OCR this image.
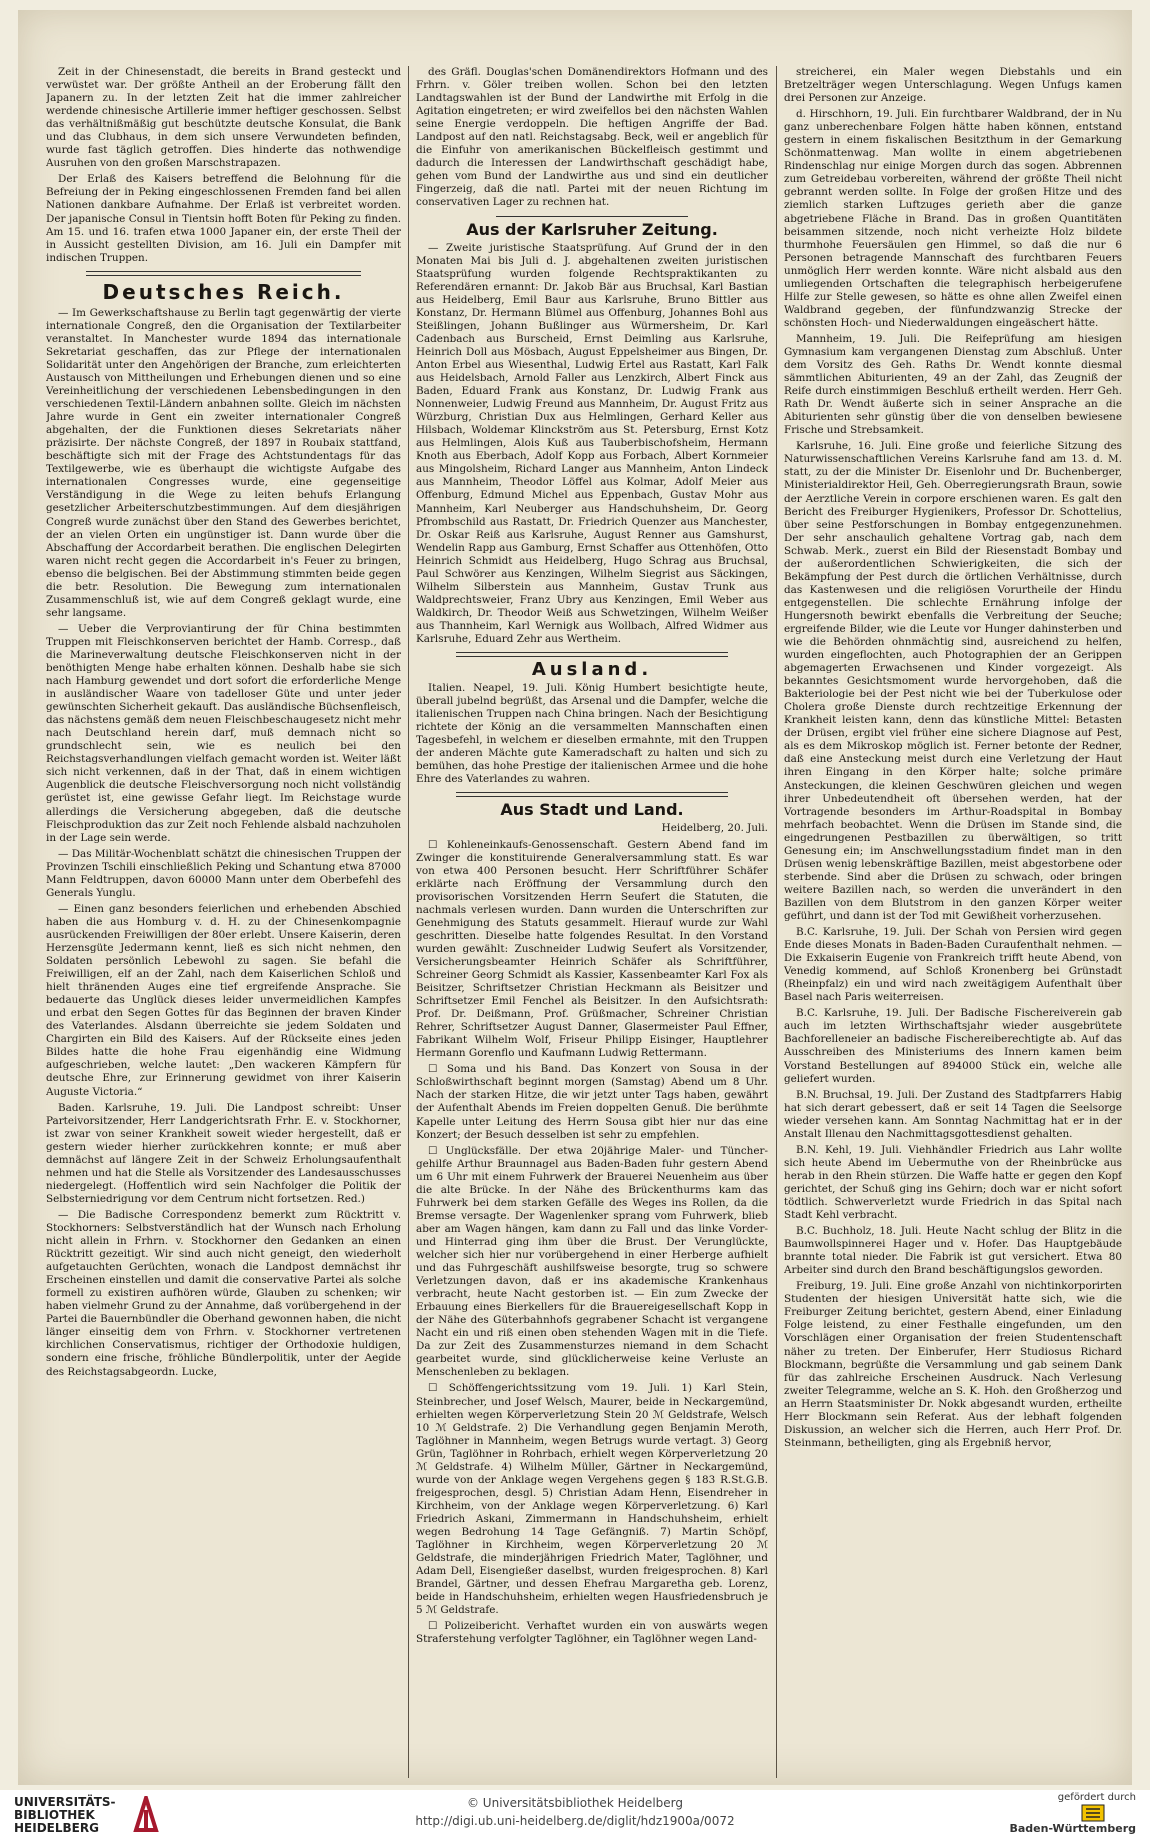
Zeit in der Chinesenstadt, die bereits in Brand gesteckt und verwüstet war. Der größte Antheil an der Eroberung fällt den Japanern zu. In der letzten Zeit hat die immer zahlreicher werdende chinesische Artillerie immer heftiger geschossen. Selbst das verhältnißmäßig gut beschützte deutsche Konsulat, die Bank und das Clubhaus, in dem sich unsere Verwundeten befinden, wurde fast täglich getroffen. Dies hinderte das nothwendige Ausruhen von den großen Marschstrapazen.

Der Erlaß des Kaisers betreffend die Belohnung für die Befreiung der in Peking eingeschlossenen Fremden fand bei allen Nationen dankbare Aufnahme. Der Erlaß ist verbreitet worden. Der japanische Consul in Tientsin hofft Boten für Peking zu finden. Am 15. und 16. trafen etwa 1000 Japaner ein, der erste Theil der in Aussicht gestellten Division, am 16. Juli ein Dampfer mit indischen Truppen.

Deutsches Reich.

— Im Gewerkschaftshause zu Berlin tagt gegenwärtig der vierte internationale Congreß, den die Organisation der Textilarbeiter veranstaltet. In Manchester wurde 1894 das internationale Sekretariat geschaffen, das zur Pflege der internationalen Solidarität unter den Angehörigen der Branche, zum erleichterten Austausch von Mittheilungen und Erhebungen dienen und so eine Vereinheitlichung der verschiedenen Lebensbedingungen in den verschiedenen Textil-Ländern anbahnen sollte. Gleich im nächsten Jahre wurde in Gent ein zweiter internationaler Congreß abgehalten, der die Funktionen dieses Sekretariats näher präzisirte. Der nächste Congreß, der 1897 in Roubaix stattfand, beschäftigte sich mit der Frage des Achtstundentags für das Textilgewerbe, wie es überhaupt die wichtigste Aufgabe des internationalen Congresses wurde, eine gegenseitige Verständigung in die Wege zu leiten behufs Erlangung gesetzlicher Arbeiterschutzbestimmungen. Auf dem diesjährigen Congreß wurde zunächst über den Stand des Gewerbes berichtet, der an vielen Orten ein ungünstiger ist. Dann wurde über die Abschaffung der Accordarbeit berathen. Die englischen Delegirten waren nicht recht gegen die Accordarbeit in's Feuer zu bringen, ebenso die belgischen. Bei der Abstimmung stimmten beide gegen die betr. Resolution. Die Bewegung zum internationalen Zusammenschluß ist, wie auf dem Congreß geklagt wurde, eine sehr langsame.

— Ueber die Verproviantirung der für China bestimmten Truppen mit Fleischkonserven berichtet der Hamb. Corresp., daß die Marineverwaltung deutsche Fleischkonserven nicht in der benöthigten Menge habe erhalten können. Deshalb habe sie sich nach Hamburg gewendet und dort sofort die erforderliche Menge in ausländischer Waare von tadelloser Güte und unter jeder gewünschten Sicherheit gekauft. Das ausländische Büchsenfleisch, das nächstens gemäß dem neuen Fleischbeschaugesetz nicht mehr nach Deutschland herein darf, muß demnach nicht so grundschlecht sein, wie es neulich bei den Reichstagsverhandlungen vielfach gemacht worden ist. Weiter läßt sich nicht verkennen, daß in der That, daß in einem wichtigen Augenblick die deutsche Fleischversorgung noch nicht vollständig gerüstet ist, eine gewisse Gefahr liegt. Im Reichstage wurde allerdings die Versicherung abgegeben, daß die deutsche Fleischproduktion das zur Zeit noch Fehlende alsbald nachzuholen in der Lage sein werde.

— Das Militär-Wochenblatt schätzt die chinesischen Truppen der Provinzen Tschili einschließlich Peking und Schantung etwa 87000 Mann Feldtruppen, davon 60000 Mann unter dem Oberbefehl des Generals Yunglu.

— Einen ganz besonders feierlichen und erhebenden Abschied haben die aus Homburg v. d. H. zu der Chinesenkompagnie ausrückenden Freiwilligen der 80er erlebt. Unsere Kaiserin, deren Herzensgüte Jedermann kennt, ließ es sich nicht nehmen, den Soldaten persönlich Lebewohl zu sagen. Sie befahl die Freiwilligen, elf an der Zahl, nach dem Kaiserlichen Schloß und hielt thränenden Auges eine tief ergreifende Ansprache. Sie bedauerte das Unglück dieses leider unvermeidlichen Kampfes und erbat den Segen Gottes für das Beginnen der braven Kinder des Vaterlandes. Alsdann überreichte sie jedem Soldaten und Chargirten ein Bild des Kaisers. Auf der Rückseite eines jeden Bildes hatte die hohe Frau eigenhändig eine Widmung aufgeschrieben, welche lautet: „Den wackeren Kämpfern für deutsche Ehre, zur Erinnerung gewidmet von ihrer Kaiserin Auguste Victoria.“

Baden. Karlsruhe, 19. Juli. Die Landpost schreibt: Unser Parteivorsitzender, Herr Landgerichtsrath Frhr. E. v. Stockhorner, ist zwar von seiner Krankheit soweit wieder hergestellt, daß er gestern wieder hierher zurückkehren konnte; er muß aber demnächst auf längere Zeit in der Schweiz Erholungsaufenthalt nehmen und hat die Stelle als Vorsitzender des Landesausschusses niedergelegt. (Hoffentlich wird sein Nachfolger die Politik der Selbsterniedrigung vor dem Centrum nicht fortsetzen. Red.)

— Die Badische Correspondenz bemerkt zum Rücktritt v. Stockhorners: Selbstverständlich hat der Wunsch nach Erholung nicht allein in Frhrn. v. Stockhorner den Gedanken an einen Rücktritt gezeitigt. Wir sind auch nicht geneigt, den wiederholt aufgetauchten Gerüchten, wonach die Landpost demnächst ihr Erscheinen einstellen und damit die conservative Partei als solche formell zu existiren aufhören würde, Glauben zu schenken; wir haben vielmehr Grund zu der Annahme, daß vorübergehend in der Partei die Bauernbündler die Oberhand gewonnen haben, die nicht länger einseitig dem von Frhrn. v. Stockhorner vertretenen kirchlichen Conservatismus, richtiger der Orthodoxie huldigen, sondern eine frische, fröhliche Bündlerpolitik, unter der Aegide des Reichstagsabgeordn. Lucke,

des Gräfl. Douglas'schen Domänendirektors Hofmann und des Frhrn. v. Göler treiben wollen. Schon bei den letzten Landtagswahlen ist der Bund der Landwirthe mit Erfolg in die Agitation eingetreten; er wird zweifellos bei den nächsten Wahlen seine Energie verdoppeln. Die heftigen Angriffe der Bad. Landpost auf den natl. Reichstagsabg. Beck, weil er angeblich für die Einfuhr von amerikanischen Bückelfleisch gestimmt und dadurch die Interessen der Landwirthschaft geschädigt habe, gehen vom Bund der Landwirthe aus und sind ein deutlicher Fingerzeig, daß die natl. Partei mit der neuen Richtung im conservativen Lager zu rechnen hat.

Aus der Karlsruher Zeitung.

— Zweite juristische Staatsprüfung. Auf Grund der in den Monaten Mai bis Juli d. J. abgehaltenen zweiten juristischen Staatsprüfung wurden folgende Rechtspraktikanten zu Referendären ernannt: Dr. Jakob Bär aus Bruchsal, Karl Bastian aus Heidelberg, Emil Baur aus Karlsruhe, Bruno Bittler aus Konstanz, Dr. Hermann Blümel aus Offenburg, Johannes Bohl aus Steißlingen, Johann Bußlinger aus Würmersheim, Dr. Karl Cadenbach aus Burscheid, Ernst Deimling aus Karlsruhe, Heinrich Doll aus Mösbach, August Eppelsheimer aus Bingen, Dr. Anton Erbel aus Wiesenthal, Ludwig Ertel aus Rastatt, Karl Falk aus Heidelsbach, Arnold Faller aus Lenzkirch, Albert Finck aus Baden, Eduard Frank aus Konstanz, Dr. Ludwig Frank aus Nonnenweier, Ludwig Freund aus Mannheim, Dr. August Fritz aus Würzburg, Christian Dux aus Helmlingen, Gerhard Keller aus Hilsbach, Woldemar Klinckström aus St. Petersburg, Ernst Kotz aus Helmlingen, Alois Kuß aus Tauberbischofsheim, Hermann Knoth aus Eberbach, Adolf Kopp aus Forbach, Albert Kornmeier aus Mingolsheim, Richard Langer aus Mannheim, Anton Lindeck aus Mannheim, Theodor Löffel aus Kolmar, Adolf Meier aus Offenburg, Edmund Michel aus Eppenbach, Gustav Mohr aus Mannheim, Karl Neuberger aus Handschuhsheim, Dr. Georg Pfrombschild aus Rastatt, Dr. Friedrich Quenzer aus Manchester, Dr. Oskar Reiß aus Karlsruhe, August Renner aus Gamshurst, Wendelin Rapp aus Gamburg, Ernst Schaffer aus Ottenhöfen, Otto Heinrich Schmidt aus Heidelberg, Hugo Schrag aus Bruchsal, Paul Schwörer aus Kenzingen, Wilhelm Siegrist aus Säckingen, Wilhelm Silberstein aus Mannheim, Gustav Trunk aus Waldprechtsweier, Franz Ubry aus Kenzingen, Emil Weber aus Waldkirch, Dr. Theodor Weiß aus Schwetzingen, Wilhelm Weißer aus Thannheim, Karl Wernigk aus Wollbach, Alfred Widmer aus Karlsruhe, Eduard Zehr aus Wertheim.

Ausland.

Italien. Neapel, 19. Juli. König Humbert besichtigte heute, überall jubelnd begrüßt, das Arsenal und die Dampfer, welche die italienischen Truppen nach China bringen. Nach der Besichtigung richtete der König an die versammelten Mannschaften einen Tagesbefehl, in welchem er dieselben ermahnte, mit den Truppen der anderen Mächte gute Kameradschaft zu halten und sich zu bemühen, das hohe Prestige der italienischen Armee und die hohe Ehre des Vaterlandes zu wahren.

Aus Stadt und Land.

Heidelberg, 20. Juli.

☐ Kohleneinkaufs-Genossenschaft. Gestern Abend fand im Zwinger die konstituirende Generalversammlung statt. Es war von etwa 400 Personen besucht. Herr Schriftführer Schäfer erklärte nach Eröffnung der Versammlung durch den provisorischen Vorsitzenden Herrn Seufert die Statuten, die nachmals verlesen wurden. Dann wurden die Unterschriften zur Genehmigung des Statuts gesammelt. Hierauf wurde zur Wahl geschritten. Dieselbe hatte folgendes Resultat. In den Vorstand wurden gewählt: Zuschneider Ludwig Seufert als Vorsitzender, Versicherungsbeamter Heinrich Schäfer als Schriftführer, Schreiner Georg Schmidt als Kassier, Kassenbeamter Karl Fox als Beisitzer, Schriftsetzer Christian Heckmann als Beisitzer und Schriftsetzer Emil Fenchel als Beisitzer. In den Aufsichtsrath: Prof. Dr. Deißmann, Prof. Grüßmacher, Schreiner Christian Rehrer, Schriftsetzer August Danner, Glasermeister Paul Effner, Fabrikant Wilhelm Wolf, Friseur Philipp Eisinger, Hauptlehrer Hermann Gorenflo und Kaufmann Ludwig Rettermann.

☐ Soma und his Band. Das Konzert von Sousa in der Schloßwirthschaft beginnt morgen (Samstag) Abend um 8 Uhr. Nach der starken Hitze, die wir jetzt unter Tags haben, gewährt der Aufenthalt Abends im Freien doppelten Genuß. Die berühmte Kapelle unter Leitung des Herrn Sousa gibt hier nur das eine Konzert; der Besuch desselben ist sehr zu empfehlen.

☐ Unglücksfälle. Der etwa 20jährige Maler- und Tüncher-gehilfe Arthur Braunnagel aus Baden-Baden fuhr gestern Abend um 6 Uhr mit einem Fuhrwerk der Brauerei Neuenheim aus über die alte Brücke. In der Nähe des Brückenthurms kam das Fuhrwerk bei dem starken Gefälle des Weges ins Rollen, da die Bremse versagte. Der Wagenlenker sprang vom Fuhrwerk, blieb aber am Wagen hängen, kam dann zu Fall und das linke Vorder- und Hinterrad ging ihm über die Brust. Der Verunglückte, welcher sich hier nur vorübergehend in einer Herberge aufhielt und das Fuhrgeschäft aushilfsweise besorgte, trug so schwere Verletzungen davon, daß er ins akademische Krankenhaus verbracht, heute Nacht gestorben ist. — Ein zum Zwecke der Erbauung eines Bierkellers für die Brauereigesellschaft Kopp in der Nähe des Güterbahnhofs gegrabener Schacht ist vergangene Nacht ein und riß einen oben stehenden Wagen mit in die Tiefe. Da zur Zeit des Zusammensturzes niemand in dem Schacht gearbeitet wurde, sind glücklicherweise keine Verluste an Menschenleben zu beklagen.

☐ Schöffengerichtssitzung vom 19. Juli. 1) Karl Stein, Steinbrecher, und Josef Welsch, Maurer, beide in Neckargemünd, erhielten wegen Körperverletzung Stein 20 ℳ Geldstrafe, Welsch 10 ℳ Geldstrafe. 2) Die Verhandlung gegen Benjamin Meroth, Taglöhner in Mannheim, wegen Betrugs wurde vertagt. 3) Georg Grün, Taglöhner in Rohrbach, erhielt wegen Körperverletzung 20 ℳ Geldstrafe. 4) Wilhelm Müller, Gärtner in Neckargemünd, wurde von der Anklage wegen Vergehens gegen § 183 R.St.G.B. freigesprochen, desgl. 5) Christian Adam Henn, Eisendreher in Kirchheim, von der Anklage wegen Körperverletzung. 6) Karl Friedrich Askani, Zimmermann in Handschuhsheim, erhielt wegen Bedrohung 14 Tage Gefängniß. 7) Martin Schöpf, Taglöhner in Kirchheim, wegen Körperverletzung 20 ℳ Geldstrafe, die minderjährigen Friedrich Mater, Taglöhner, und Adam Dell, Eisengießer daselbst, wurden freigesprochen. 8) Karl Brandel, Gärtner, und dessen Ehefrau Margaretha geb. Lorenz, beide in Handschuhsheim, erhielten wegen Hausfriedensbruch je 5 ℳ Geldstrafe.

☐ Polizeibericht. Verhaftet wurden ein von auswärts wegen Straferstehung verfolgter Taglöhner, ein Taglöhner wegen Land-

streicherei, ein Maler wegen Diebstahls und ein Bretzelträger wegen Unterschlagung. Wegen Unfugs kamen drei Personen zur Anzeige.

d. Hirschhorn, 19. Juli. Ein furchtbarer Waldbrand, der in Nu ganz unberechenbare Folgen hätte haben können, entstand gestern in einem fiskalischen Besitzthum in der Gemarkung Schönmattenwag. Man wollte in einem abgetriebenen Rindenschlag nur einige Morgen durch das sogen. Abbrennen zum Getreidebau vorbereiten, während der größte Theil nicht gebrannt werden sollte. In Folge der großen Hitze und des ziemlich starken Luftzuges gerieth aber die ganze abgetriebene Fläche in Brand. Das in großen Quantitäten beisammen sitzende, noch nicht verheizte Holz bildete thurmhohe Feuersäulen gen Himmel, so daß die nur 6 Personen betragende Mannschaft des furchtbaren Feuers unmöglich Herr werden konnte. Wäre nicht alsbald aus den umliegenden Ortschaften die telegraphisch herbeigerufene Hilfe zur Stelle gewesen, so hätte es ohne allen Zweifel einen Waldbrand gegeben, der fünfundzwanzig Strecke der schönsten Hoch- und Niederwaldungen eingeäschert hätte.

Mannheim, 19. Juli. Die Reifeprüfung am hiesigen Gymnasium kam vergangenen Dienstag zum Abschluß. Unter dem Vorsitz des Geh. Raths Dr. Wendt konnte diesmal sämmtlichen Abiturienten, 49 an der Zahl, das Zeugniß der Reife durch einstimmigen Beschluß ertheilt werden. Herr Geh. Rath Dr. Wendt äußerte sich in seiner Ansprache an die Abiturienten sehr günstig über die von denselben bewiesene Frische und Strebsamkeit.

Karlsruhe, 16. Juli. Eine große und feierliche Sitzung des Naturwissenschaftlichen Vereins Karlsruhe fand am 13. d. M. statt, zu der die Minister Dr. Eisenlohr und Dr. Buchenberger, Ministerialdirektor Heil, Geh. Oberregierungsrath Braun, sowie der Aerztliche Verein in corpore erschienen waren. Es galt den Bericht des Freiburger Hygienikers, Professor Dr. Schottelius, über seine Pestforschungen in Bombay entgegenzunehmen. Der sehr anschaulich gehaltene Vortrag gab, nach dem Schwab. Merk., zuerst ein Bild der Riesenstadt Bombay und der außerordentlichen Schwierigkeiten, die sich der Bekämpfung der Pest durch die örtlichen Verhältnisse, durch das Kastenwesen und die religiösen Vorurtheile der Hindu entgegenstellen. Die schlechte Ernährung infolge der Hungersnoth bewirkt ebenfalls die Verbreitung der Seuche; ergreifende Bilder, wie die Leute vor Hunger dahinsterben und wie die Behörden ohnmächtig sind, ausreichend zu helfen, wurden eingeflochten, auch Photographien der an Gerippen abgemagerten Erwachsenen und Kinder vorgezeigt. Als bekanntes Gesichtsmoment wurde hervorgehoben, daß die Bakteriologie bei der Pest nicht wie bei der Tuberkulose oder Cholera große Dienste durch rechtzeitige Erkennung der Krankheit leisten kann, denn das künstliche Mittel: Betasten der Drüsen, ergibt viel früher eine sichere Diagnose auf Pest, als es dem Mikroskop möglich ist. Ferner betonte der Redner, daß eine Ansteckung meist durch eine Verletzung der Haut ihren Eingang in den Körper halte; solche primäre Ansteckungen, die kleinen Geschwüren gleichen und wegen ihrer Unbedeutendheit oft übersehen werden, hat der Vortragende besonders im Arthur-Roadspital in Bombay mehrfach beobachtet. Wenn die Drüsen im Stande sind, die eingedrungenen Pestbazillen zu überwältigen, so tritt Genesung ein; im Anschwellungsstadium findet man in den Drüsen wenig lebenskräftige Bazillen, meist abgestorbene oder sterbende. Sind aber die Drüsen zu schwach, oder bringen weitere Bazillen nach, so werden die unverändert in den Bazillen von dem Blutstrom in den ganzen Körper weiter geführt, und dann ist der Tod mit Gewißheit vorherzusehen.

B.C. Karlsruhe, 19. Juli. Der Schah von Persien wird gegen Ende dieses Monats in Baden-Baden Curaufenthalt nehmen. — Die Exkaiserin Eugenie von Frankreich trifft heute Abend, von Venedig kommend, auf Schloß Kronenberg bei Grünstadt (Rheinpfalz) ein und wird nach zweitägigem Aufenthalt über Basel nach Paris weiterreisen.

B.C. Karlsruhe, 19. Juli. Der Badische Fischereiverein gab auch im letzten Wirthschaftsjahr wieder ausgebrütete Bachforelleneier an badische Fischereiberechtigte ab. Auf das Ausschreiben des Ministeriums des Innern kamen beim Vorstand Bestellungen auf 894000 Stück ein, welche alle geliefert wurden.

B.N. Bruchsal, 19. Juli. Der Zustand des Stadtpfarrers Habig hat sich derart gebessert, daß er seit 14 Tagen die Seelsorge wieder versehen kann. Am Sonntag Nachmittag hat er in der Anstalt Illenau den Nachmittagsgottesdienst gehalten.

B.N. Kehl, 19. Juli. Viehhändler Friedrich aus Lahr wollte sich heute Abend im Uebermuthe von der Rheinbrücke aus herab in den Rhein stürzen. Die Waffe hatte er gegen den Kopf gerichtet, der Schuß ging ins Gehirn; doch war er nicht sofort tödtlich. Schwerverletzt wurde Friedrich in das Spital nach Stadt Kehl verbracht.

B.C. Buchholz, 18. Juli. Heute Nacht schlug der Blitz in die Baumwollspinnerei Hager und v. Hofer. Das Hauptgebäude brannte total nieder. Die Fabrik ist gut versichert. Etwa 80 Arbeiter sind durch den Brand beschäftigungslos geworden.

Freiburg, 19. Juli. Eine große Anzahl von nichtinkorporirten Studenten der hiesigen Universität hatte sich, wie die Freiburger Zeitung berichtet, gestern Abend, einer Einladung Folge leistend, zu einer Festhalle eingefunden, um den Vorschlägen einer Organisation der freien Studentenschaft näher zu treten. Der Einberufer, Herr Studiosus Richard Blockmann, begrüßte die Versammlung und gab seinem Dank für das zahlreiche Erscheinen Ausdruck. Nach Verlesung zweiter Telegramme, welche an S. K. Hoh. den Großherzog und an Herrn Staatsminister Dr. Nokk abgesandt wurden, ertheilte Herr Blockmann sein Referat. Aus der lebhaft folgenden Diskussion, an welcher sich die Herren, auch Herr Prof. Dr. Steinmann, betheiligten, ging als Ergebniß hervor,

UNIVERSITÄTS-
BIBLIOTHEK
HEIDELBERG
© Universitätsbibliothek Heidelberg
http://digi.ub.uni-heidelberg.de/diglit/hdz1900a/0072
gefördert durch
Baden-Württemberg
